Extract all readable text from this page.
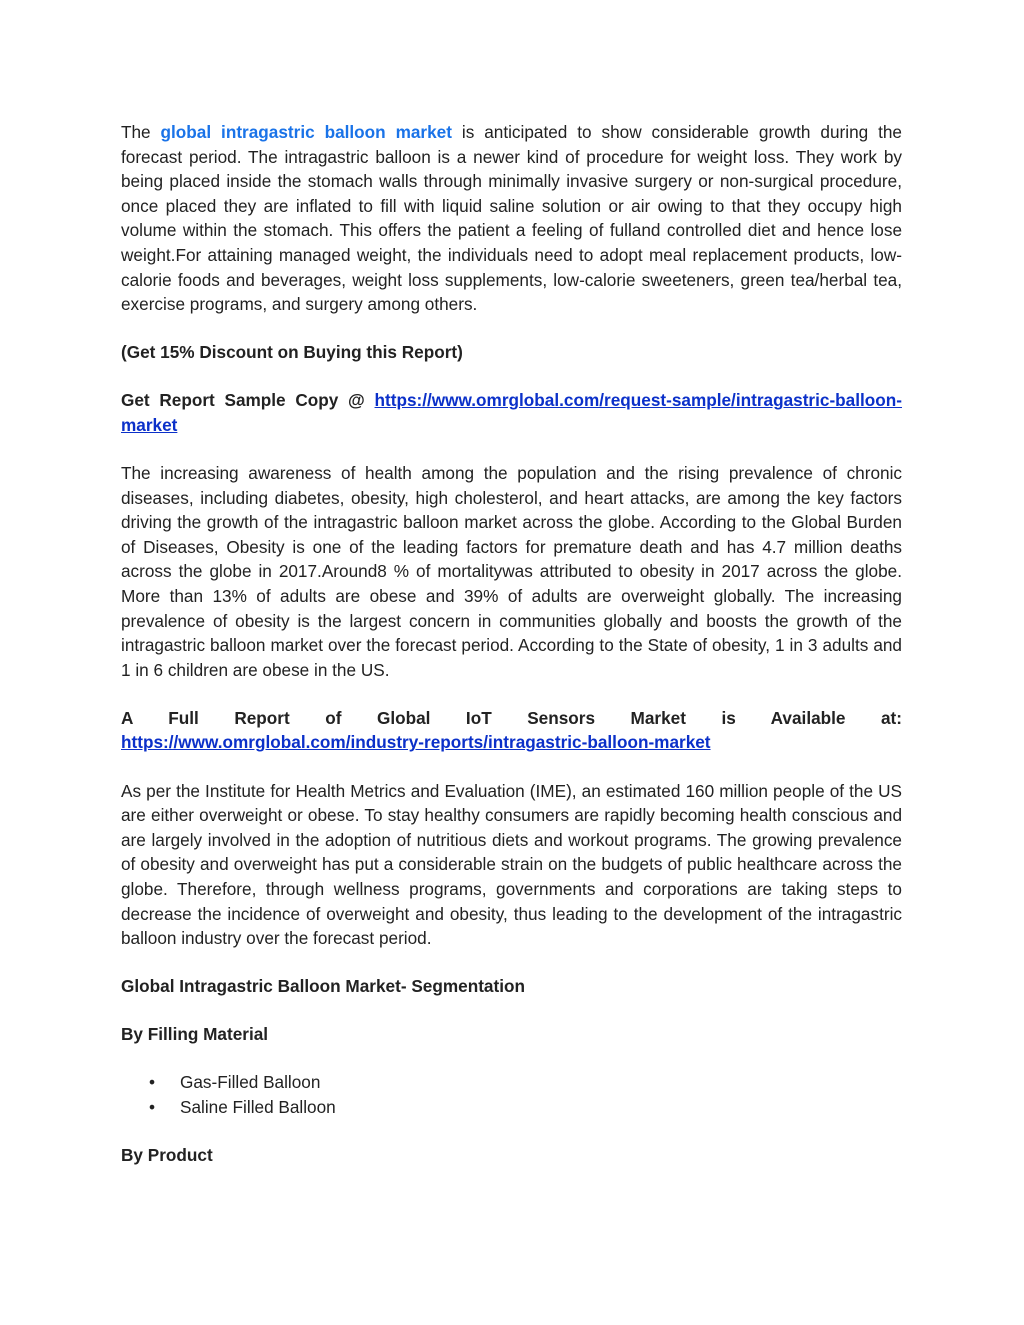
The global intragastric balloon market is anticipated to show considerable growth during the forecast period. The intragastric balloon is a newer kind of procedure for weight loss. They work by being placed inside the stomach walls through minimally invasive surgery or non-surgical procedure, once placed they are inflated to fill with liquid saline solution or air owing to that they occupy high volume within the stomach. This offers the patient a feeling of fulland controlled diet and hence lose weight.For attaining managed weight, the individuals need to adopt meal replacement products, low-calorie foods and beverages, weight loss supplements, low-calorie sweeteners, green tea/herbal tea, exercise programs, and surgery among others.

(Get 15% Discount on Buying this Report)

Get Report Sample Copy @ https://www.omrglobal.com/request-sample/intragastric-balloon-market

The increasing awareness of health among the population and the rising prevalence of chronic diseases, including diabetes, obesity, high cholesterol, and heart attacks, are among the key factors driving the growth of the intragastric balloon market across the globe. According to the Global Burden of Diseases, Obesity is one of the leading factors for premature death and has 4.7 million deaths across the globe in 2017.Around8 % of mortalitywas attributed to obesity in 2017 across the globe. More than 13% of adults are obese and 39% of adults are overweight globally. The increasing prevalence of obesity is the largest concern in communities globally and boosts the growth of the intragastric balloon market over the forecast period. According to the State of obesity, 1 in 3 adults and 1 in 6 children are obese in the US.

A Full Report of Global IoT Sensors Market is Available at:

https://www.omrglobal.com/industry-reports/intragastric-balloon-market

As per the Institute for Health Metrics and Evaluation (IME), an estimated 160 million people of the US are either overweight or obese. To stay healthy consumers are rapidly becoming health conscious and are largely involved in the adoption of nutritious diets and workout programs. The growing prevalence of obesity and overweight has put a considerable strain on the budgets of public healthcare across the globe. Therefore, through wellness programs, governments and corporations are taking steps to decrease the incidence of overweight and obesity, thus leading to the development of the intragastric balloon industry over the forecast period.

Global Intragastric Balloon Market- Segmentation

By Filling Material

• Gas-Filled Balloon
• Saline Filled Balloon

By Product
